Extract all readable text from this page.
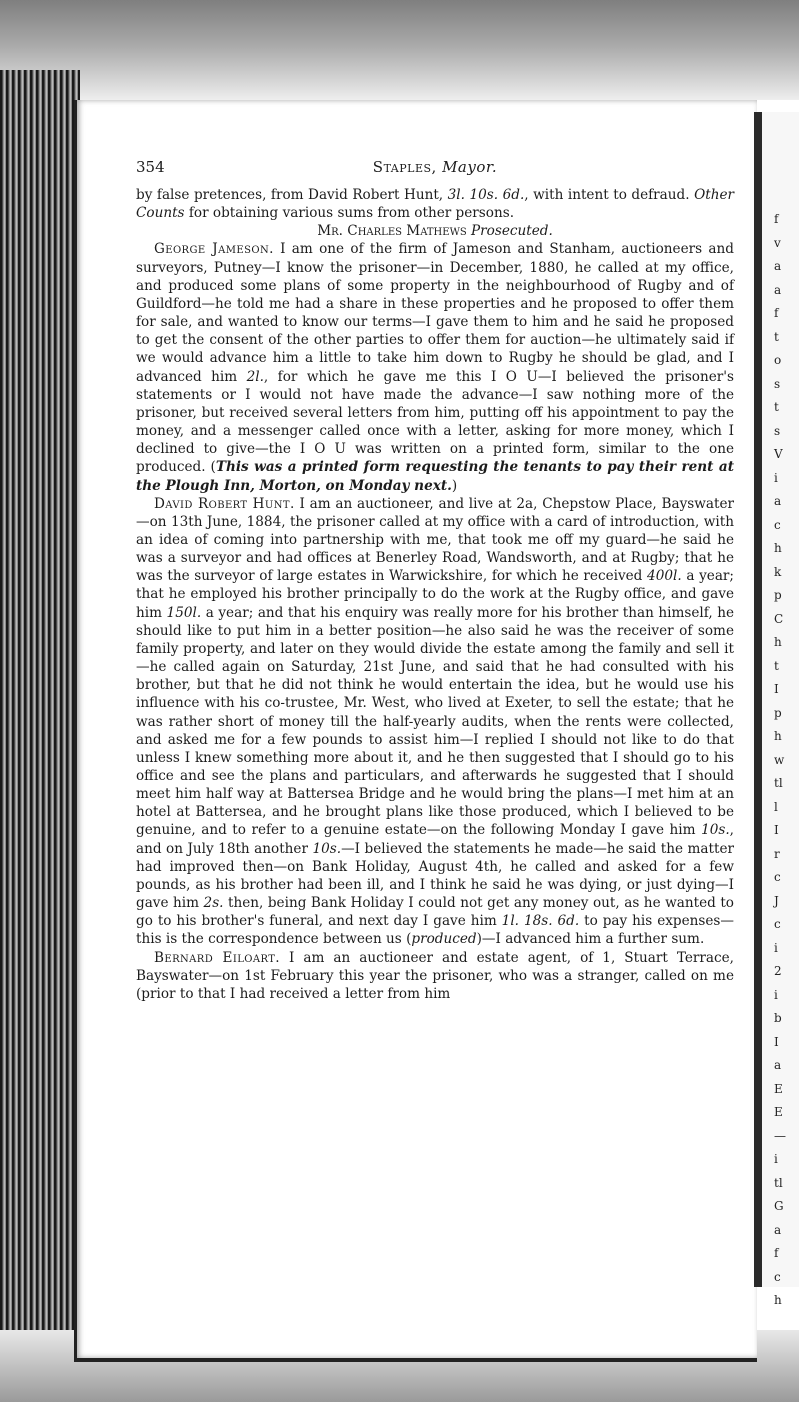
354	Staples, Mayor.

by false pretences, from David Robert Hunt, 3l. 10s. 6d., with intent to defraud. Other Counts for obtaining various sums from other persons.

Mr. Charles Mathews Prosecuted.

George Jameson. I am one of the firm of Jameson and Stanham, auctioneers and surveyors, Putney—I know the prisoner—in December, 1880, he called at my office, and produced some plans of some property in the neighbourhood of Rugby and of Guildford—he told me had a share in these properties and he proposed to offer them for sale, and wanted to know our terms—I gave them to him and he said he proposed to get the consent of the other parties to offer them for auction—he ultimately said if we would advance him a little to take him down to Rugby he should be glad, and I advanced him 2l., for which he gave me this I O U—I believed the prisoner's statements or I would not have made the advance—I saw nothing more of the prisoner, but received several letters from him, putting off his appointment to pay the money, and a messenger called once with a letter, asking for more money, which I declined to give—the I O U was written on a printed form, similar to the one produced. (This was a printed form requesting the tenants to pay their rent at the Plough Inn, Morton, on Monday next.)

David Robert Hunt. I am an auctioneer, and live at 2a, Chepstow Place, Bayswater—on 13th June, 1884, the prisoner called at my office with a card of introduction, with an idea of coming into partnership with me, that took me off my guard—he said he was a surveyor and had offices at Benerley Road, Wandsworth, and at Rugby; that he was the surveyor of large estates in Warwickshire, for which he received 400l. a year; that he employed his brother principally to do the work at the Rugby office, and gave him 150l. a year; and that his enquiry was really more for his brother than himself, he should like to put him in a better position—he also said he was the receiver of some family property, and later on they would divide the estate among the family and sell it—he called again on Saturday, 21st June, and said that he had consulted with his brother, but that he did not think he would entertain the idea, but he would use his influence with his co-trustee, Mr. West, who lived at Exeter, to sell the estate; that he was rather short of money till the half-yearly audits, when the rents were collected, and asked me for a few pounds to assist him—I replied I should not like to do that unless I knew something more about it, and he then suggested that I should go to his office and see the plans and particulars, and afterwards he suggested that I should meet him half way at Battersea Bridge and he would bring the plans—I met him at an hotel at Battersea, and he brought plans like those produced, which I believed to be genuine, and to refer to a genuine estate—on the following Monday I gave him 10s., and on July 18th another 10s.—I believed the statements he made—he said the matter had improved then—on Bank Holiday, August 4th, he called and asked for a few pounds, as his brother had been ill, and I think he said he was dying, or just dying—I gave him 2s. then, being Bank Holiday I could not get any money out, as he wanted to go to his brother's funeral, and next day I gave him 1l. 18s. 6d. to pay his expenses—this is the correspondence between us (produced)—I advanced him a further sum.

Bernard Eiloart. I am an auctioneer and estate agent, of 1, Stuart Terrace, Bayswater—on 1st February this year the prisoner, who was a stranger, called on me (prior to that I had received a letter from him

f
v
a
a
f
t
o
s
t
s
V
i
a
c
h
k
p
C
h
t
I
p
h
w
tl
l
I
r
c
J
c
i
2
i
b
I
a
E
E
—
i
tl
G
a
f
c
h
